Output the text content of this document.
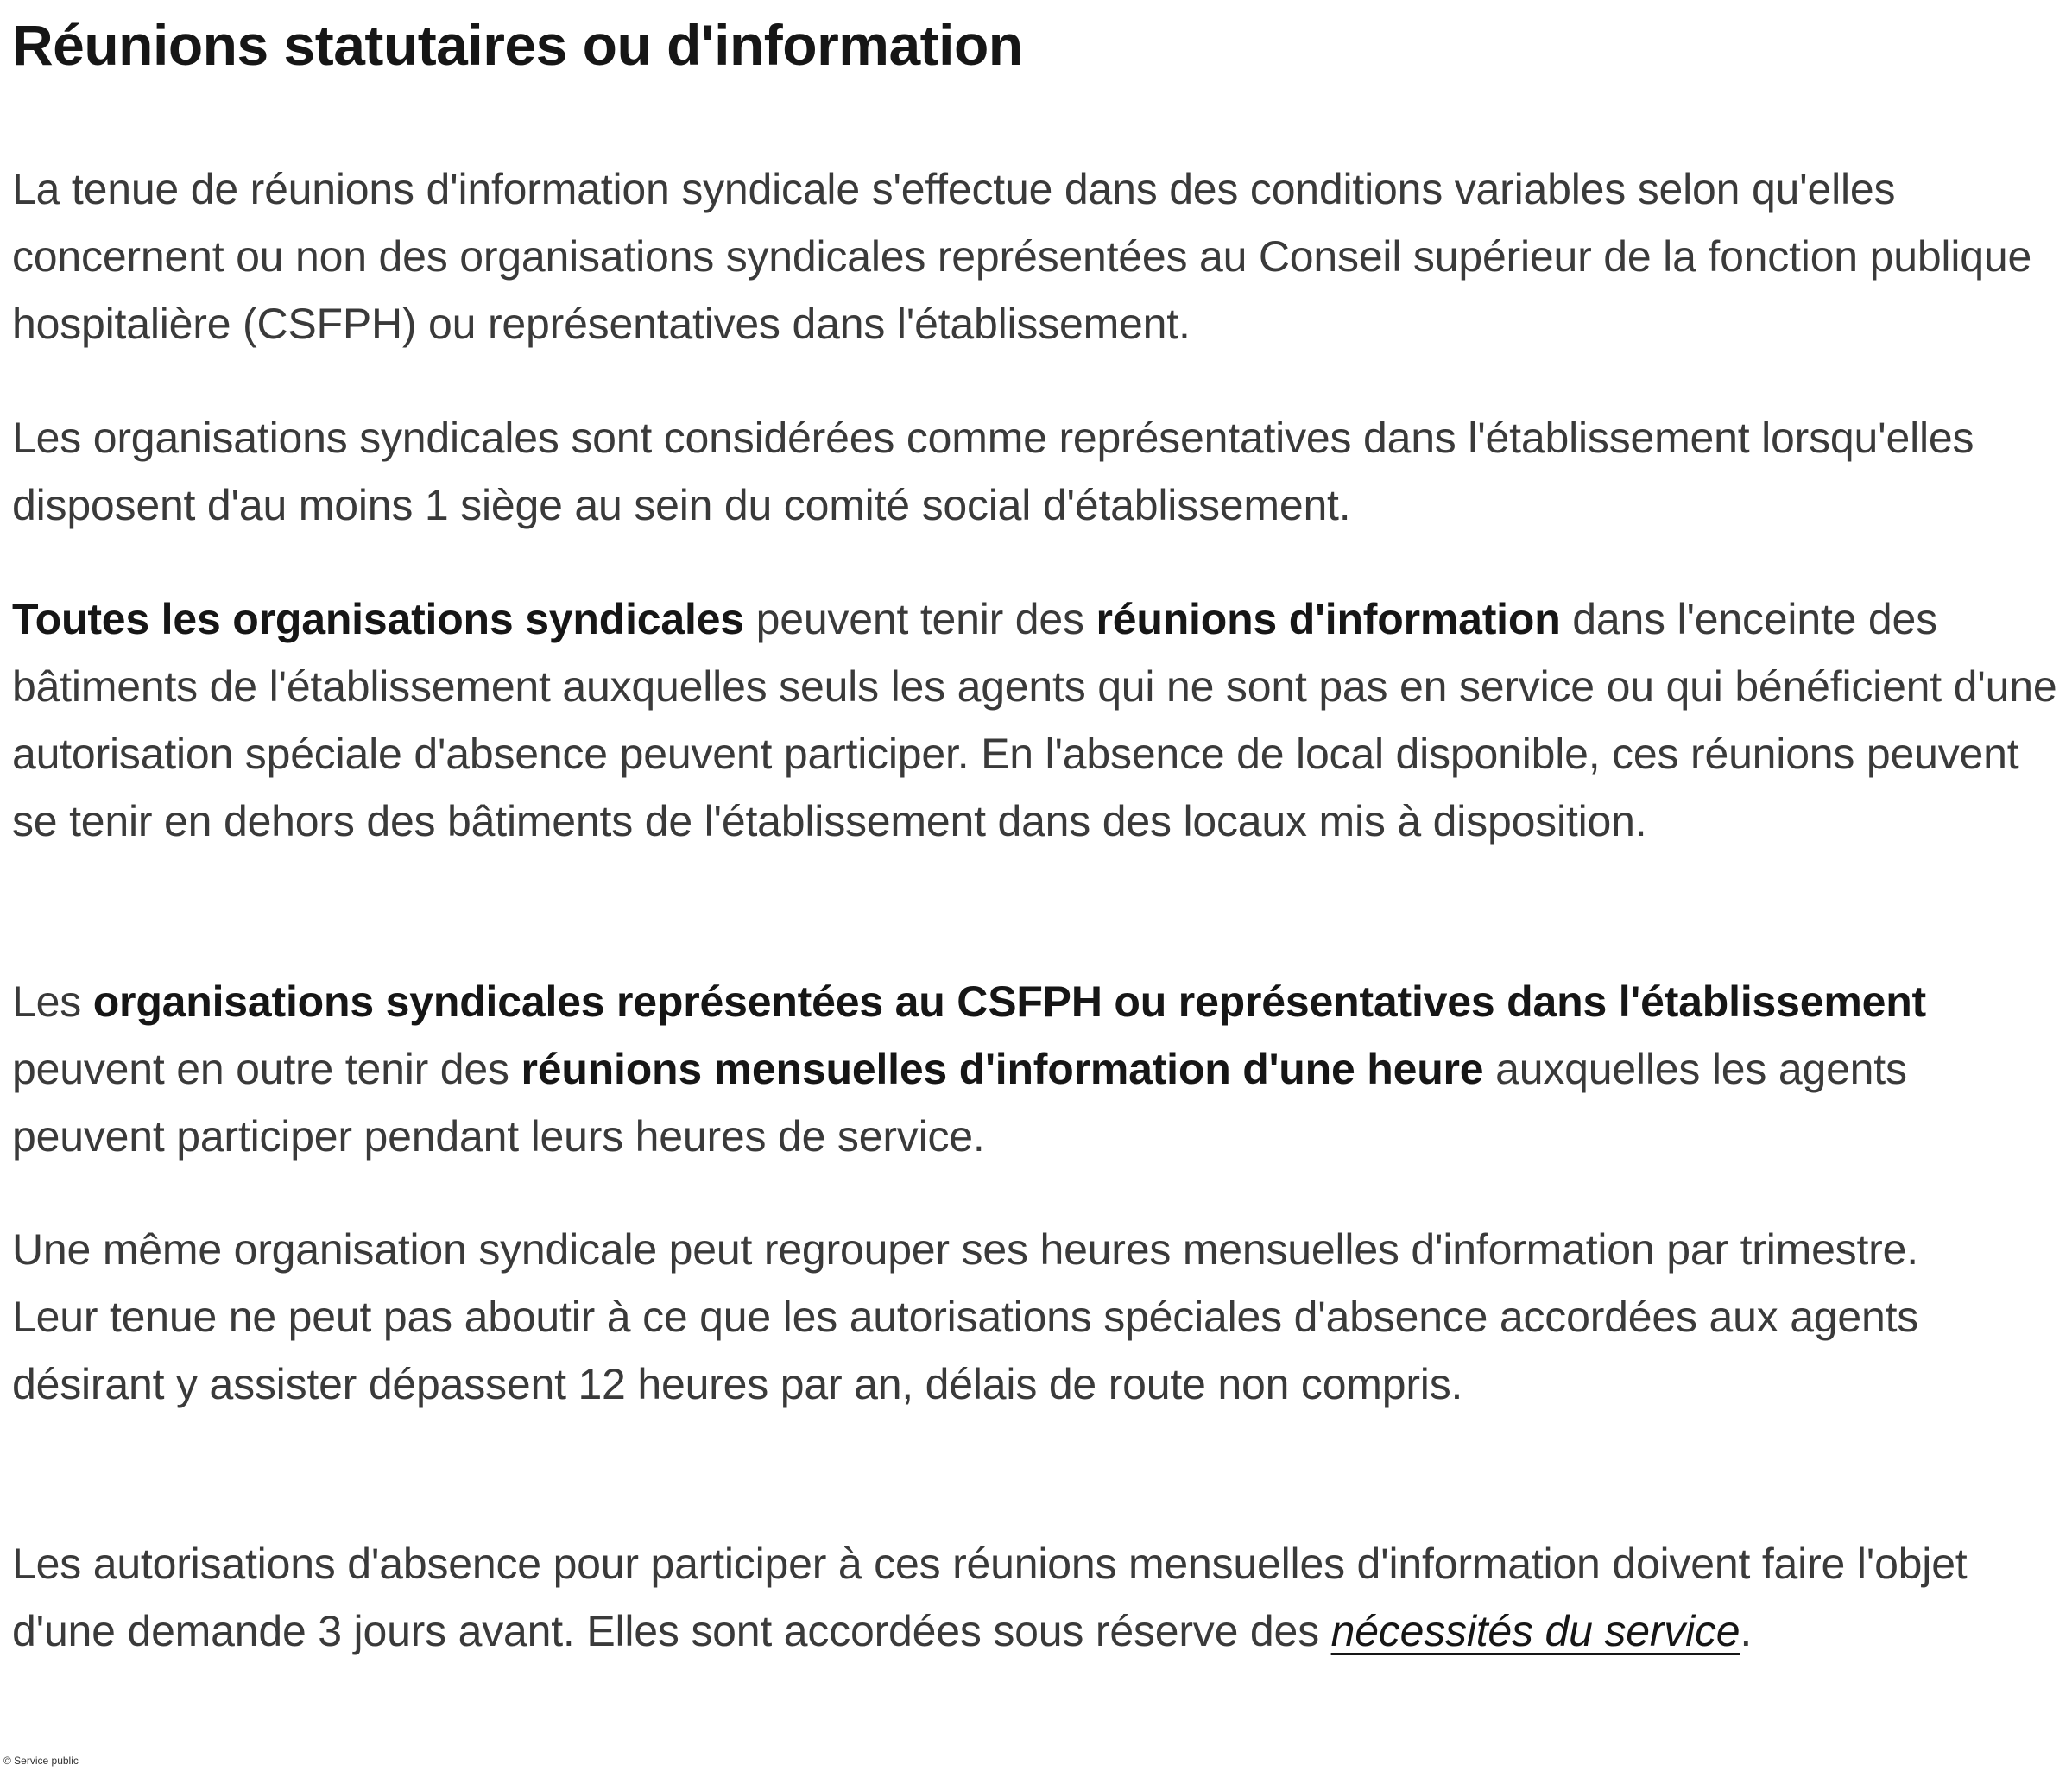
Réunions statutaires ou d'information

La tenue de réunions d'information syndicale s'effectue dans des conditions variables selon qu'elles concernent ou non des organisations syndicales représentées au Conseil supérieur de la fonction publique hospitalière (CSFPH) ou représentatives dans l'établissement.

Les organisations syndicales sont considérées comme représentatives dans l'établissement lorsqu'elles disposent d'au moins 1 siège au sein du comité social d'établissement.

Toutes les organisations syndicales peuvent tenir des réunions d'information dans l'enceinte des bâtiments de l'établissement auxquelles seuls les agents qui ne sont pas en service ou qui bénéficient d'une autorisation spéciale d'absence peuvent participer. En l'absence de local disponible, ces réunions peuvent se tenir en dehors des bâtiments de l'établissement dans des locaux mis à disposition.

Les organisations syndicales représentées au CSFPH ou représentatives dans l'établissement peuvent en outre tenir des réunions mensuelles d'information d'une heure auxquelles les agents peuvent participer pendant leurs heures de service.

Une même organisation syndicale peut regrouper ses heures mensuelles d'information par trimestre. Leur tenue ne peut pas aboutir à ce que les autorisations spéciales d'absence accordées aux agents désirant y assister dépassent 12 heures par an, délais de route non compris.

Les autorisations d'absence pour participer à ces réunions mensuelles d'information doivent faire l'objet d'une demande 3 jours avant. Elles sont accordées sous réserve des nécessités du service.

© Service public
